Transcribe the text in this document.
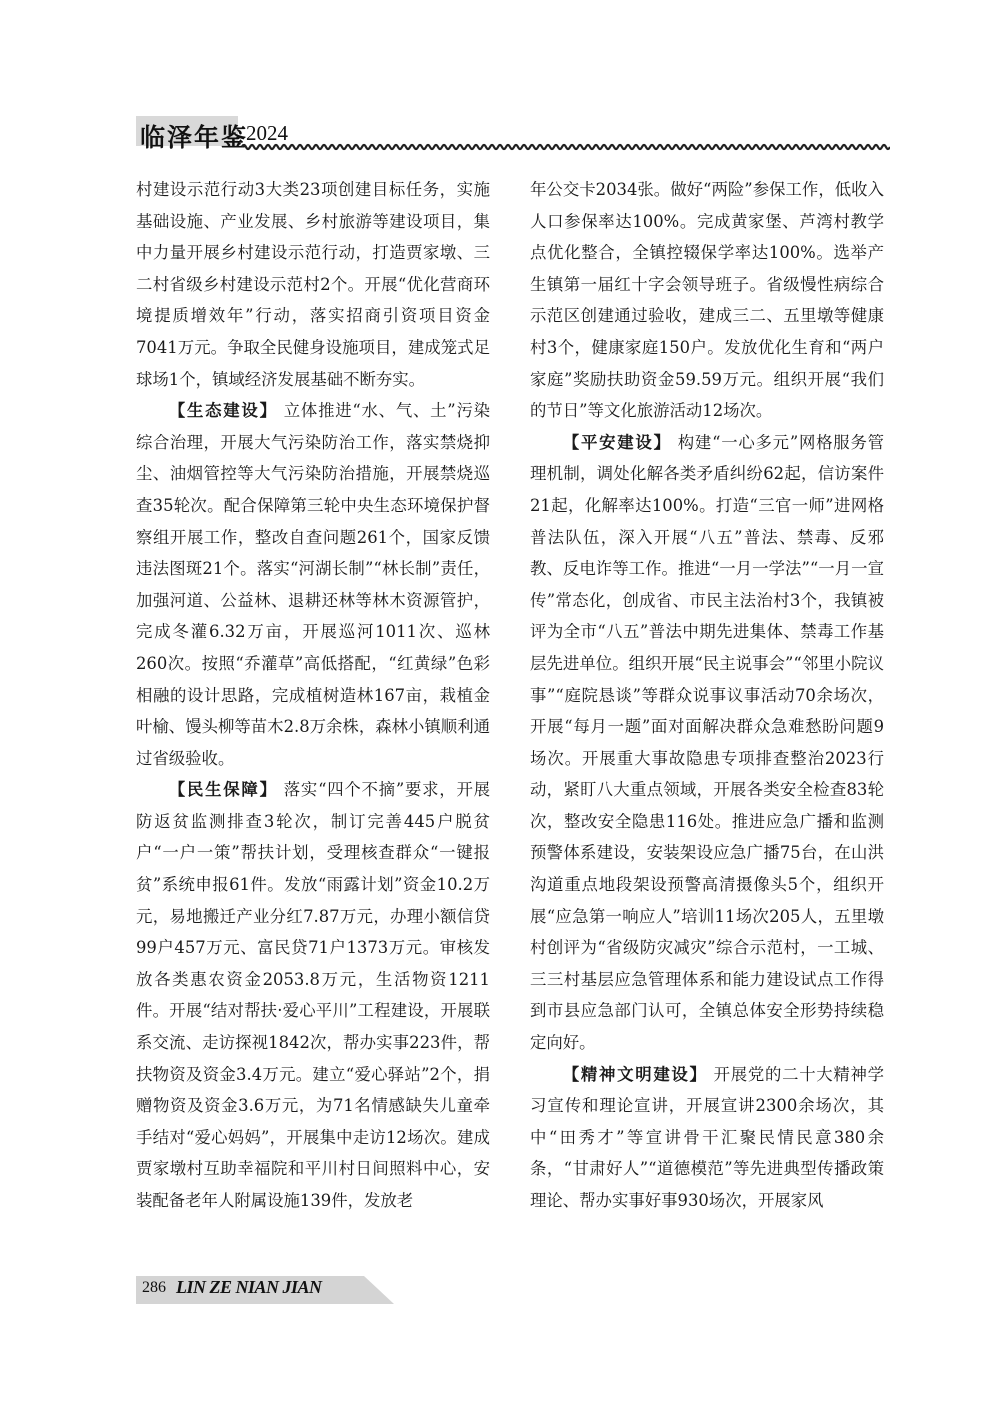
临泽年鉴
2024

村建设示范行动3大类23项创建目标任务，实施基础设施、产业发展、乡村旅游等建设项目，集中力量开展乡村建设示范行动，打造贾家墩、三二村省级乡村建设示范村2个。开展“优化营商环境提质增效年”行动，落实招商引资项目资金7041万元。争取全民健身设施项目，建成笼式足球场1个，镇域经济发展基础不断夯实。

【生态建设】 立体推进“水、气、土”污染综合治理，开展大气污染防治工作，落实禁烧抑尘、油烟管控等大气污染防治措施，开展禁烧巡查35轮次。配合保障第三轮中央生态环境保护督察组开展工作，整改自查问题261个，国家反馈违法图斑21个。落实“河湖长制”“林长制”责任，加强河道、公益林、退耕还林等林木资源管护，完成冬灌6.32万亩，开展巡河1011次、巡林260次。按照“乔灌草”高低搭配，“红黄绿”色彩相融的设计思路，完成植树造林167亩，栽植金叶榆、馒头柳等苗木2.8万余株，森林小镇顺利通过省级验收。

【民生保障】 落实“四个不摘”要求，开展防返贫监测排查3轮次，制订完善445户脱贫户“一户一策”帮扶计划，受理核查群众“一键报贫”系统申报61件。发放“雨露计划”资金10.2万元，易地搬迁产业分红7.87万元，办理小额信贷99户457万元、富民贷71户1373万元。审核发放各类惠农资金2053.8万元，生活物资1211件。开展“结对帮扶·爱心平川”工程建设，开展联系交流、走访探视1842次，帮办实事223件，帮扶物资及资金3.4万元。建立“爱心驿站”2个，捐赠物资及资金3.6万元，为71名情感缺失儿童牵手结对“爱心妈妈”，开展集中走访12场次。建成贾家墩村互助幸福院和平川村日间照料中心，安装配备老年人附属设施139件，发放老

年公交卡2034张。做好“两险”参保工作，低收入人口参保率达100%。完成黄家堡、芦湾村教学点优化整合，全镇控辍保学率达100%。选举产生镇第一届红十字会领导班子。省级慢性病综合示范区创建通过验收，建成三二、五里墩等健康村3个，健康家庭150户。发放优化生育和“两户家庭”奖励扶助资金59.59万元。组织开展“我们的节日”等文化旅游活动12场次。

【平安建设】 构建“一心多元”网格服务管理机制，调处化解各类矛盾纠纷62起，信访案件21起，化解率达100%。打造“三官一师”进网格普法队伍，深入开展“八五”普法、禁毒、反邪教、反电诈等工作。推进“一月一学法”“一月一宣传”常态化，创成省、市民主法治村3个，我镇被评为全市“八五”普法中期先进集体、禁毒工作基层先进单位。组织开展“民主说事会”“邻里小院议事”“庭院恳谈”等群众说事议事活动70余场次，开展“每月一题”面对面解决群众急难愁盼问题9场次。开展重大事故隐患专项排查整治2023行动，紧盯八大重点领域，开展各类安全检查83轮次，整改安全隐患116处。推进应急广播和监测预警体系建设，安装架设应急广播75台，在山洪沟道重点地段架设预警高清摄像头5个，组织开展“应急第一响应人”培训11场次205人，五里墩村创评为“省级防灾减灾”综合示范村，一工城、三三村基层应急管理体系和能力建设试点工作得到市县应急部门认可，全镇总体安全形势持续稳定向好。

【精神文明建设】 开展党的二十大精神学习宣传和理论宣讲，开展宣讲2300余场次，其中“田秀才”等宣讲骨干汇聚民情民意380余条，“甘肃好人”“道德模范”等先进典型传播政策理论、帮办实事好事930场次，开展家风

286 LIN ZE NIAN JIAN
